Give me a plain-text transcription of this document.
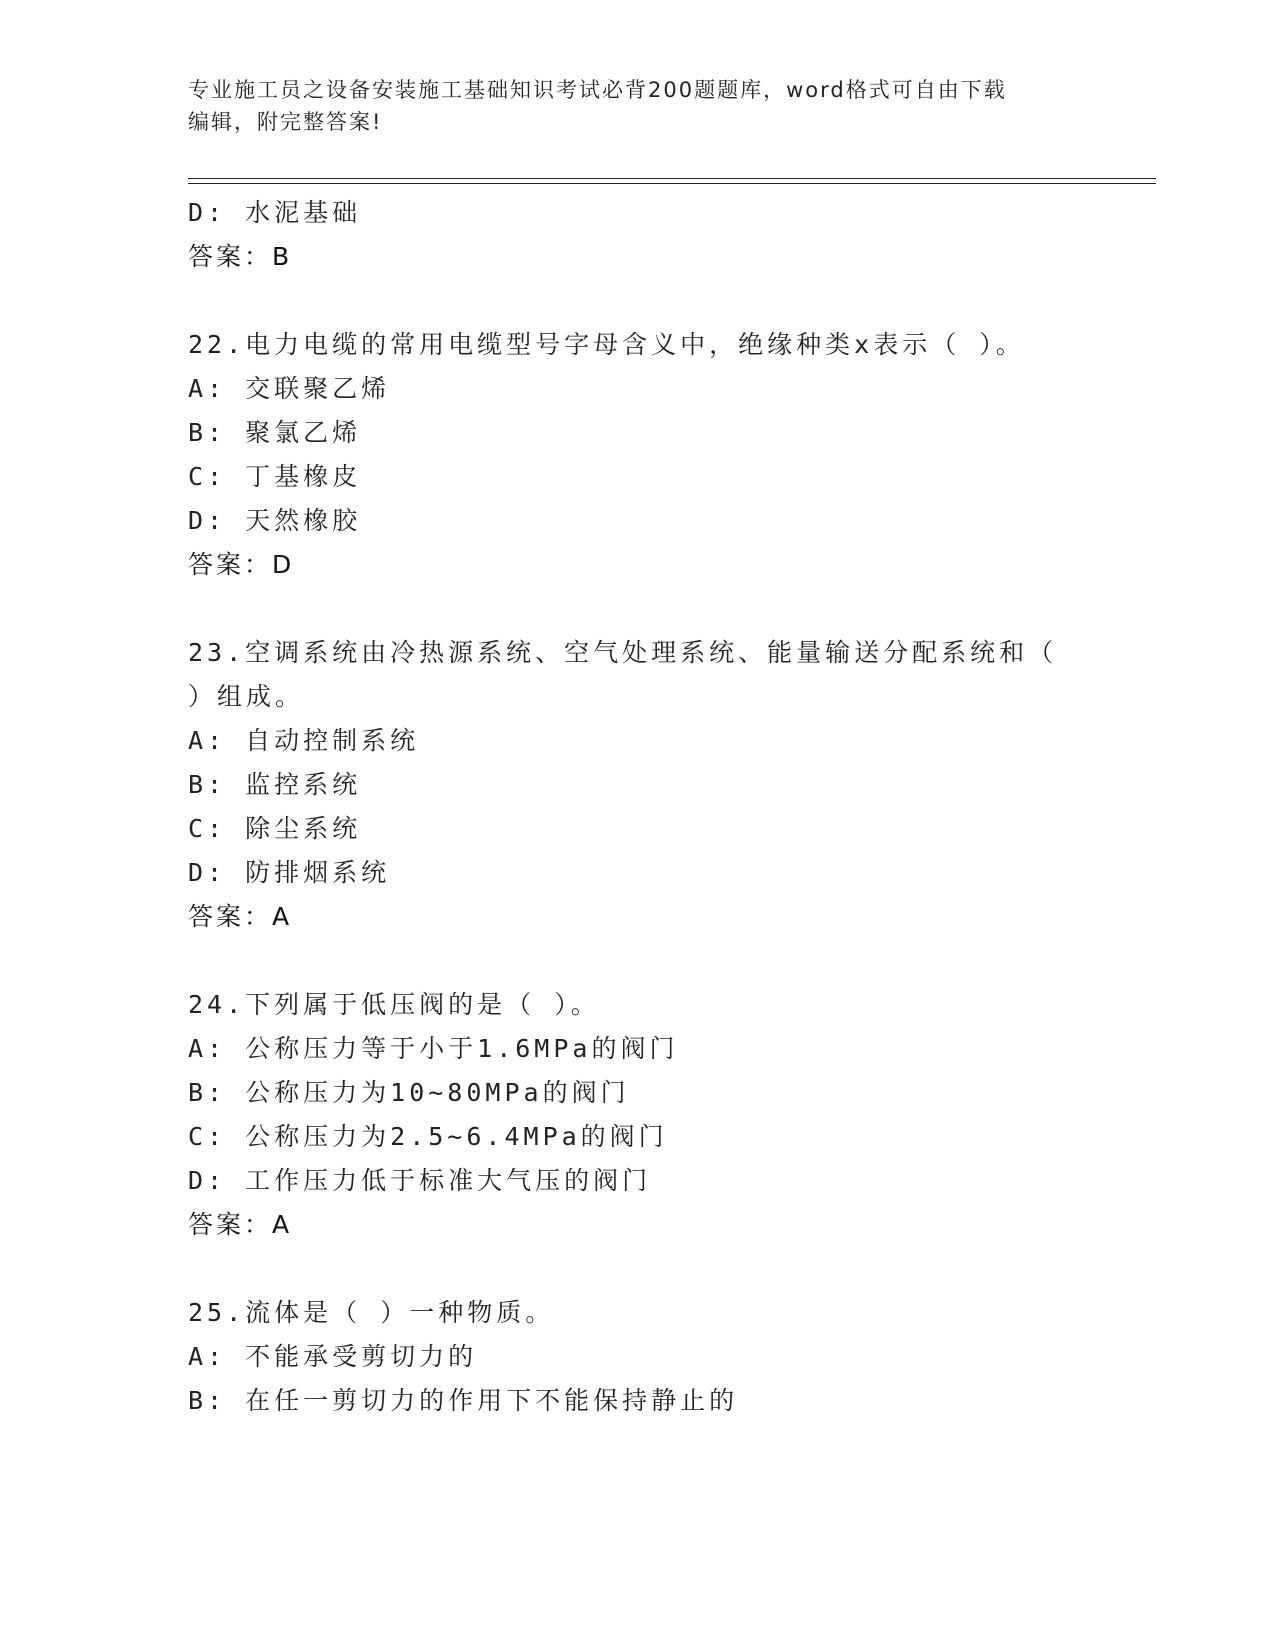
专业施工员之设备安装施工基础知识考试必背200题题库，word格式可自由下载
编辑，附完整答案!
D: 水泥基础
答案：B
22.电力电缆的常用电缆型号字母含义中，绝缘种类x表示（ ）。
A: 交联聚乙烯
B: 聚氯乙烯
C: 丁基橡皮
D: 天然橡胶
答案：D
23.空调系统由冷热源系统、空气处理系统、能量输送分配系统和（
）组成。
A: 自动控制系统
B: 监控系统
C: 除尘系统
D: 防排烟系统
答案：A
24.下列属于低压阀的是（ ）。
A: 公称压力等于小于1.6MPa的阀门
B: 公称压力为10~80MPa的阀门
C: 公称压力为2.5~6.4MPa的阀门
D: 工作压力低于标准大气压的阀门
答案：A
25.流体是（ ）一种物质。
A: 不能承受剪切力的
B: 在任一剪切力的作用下不能保持静止的
